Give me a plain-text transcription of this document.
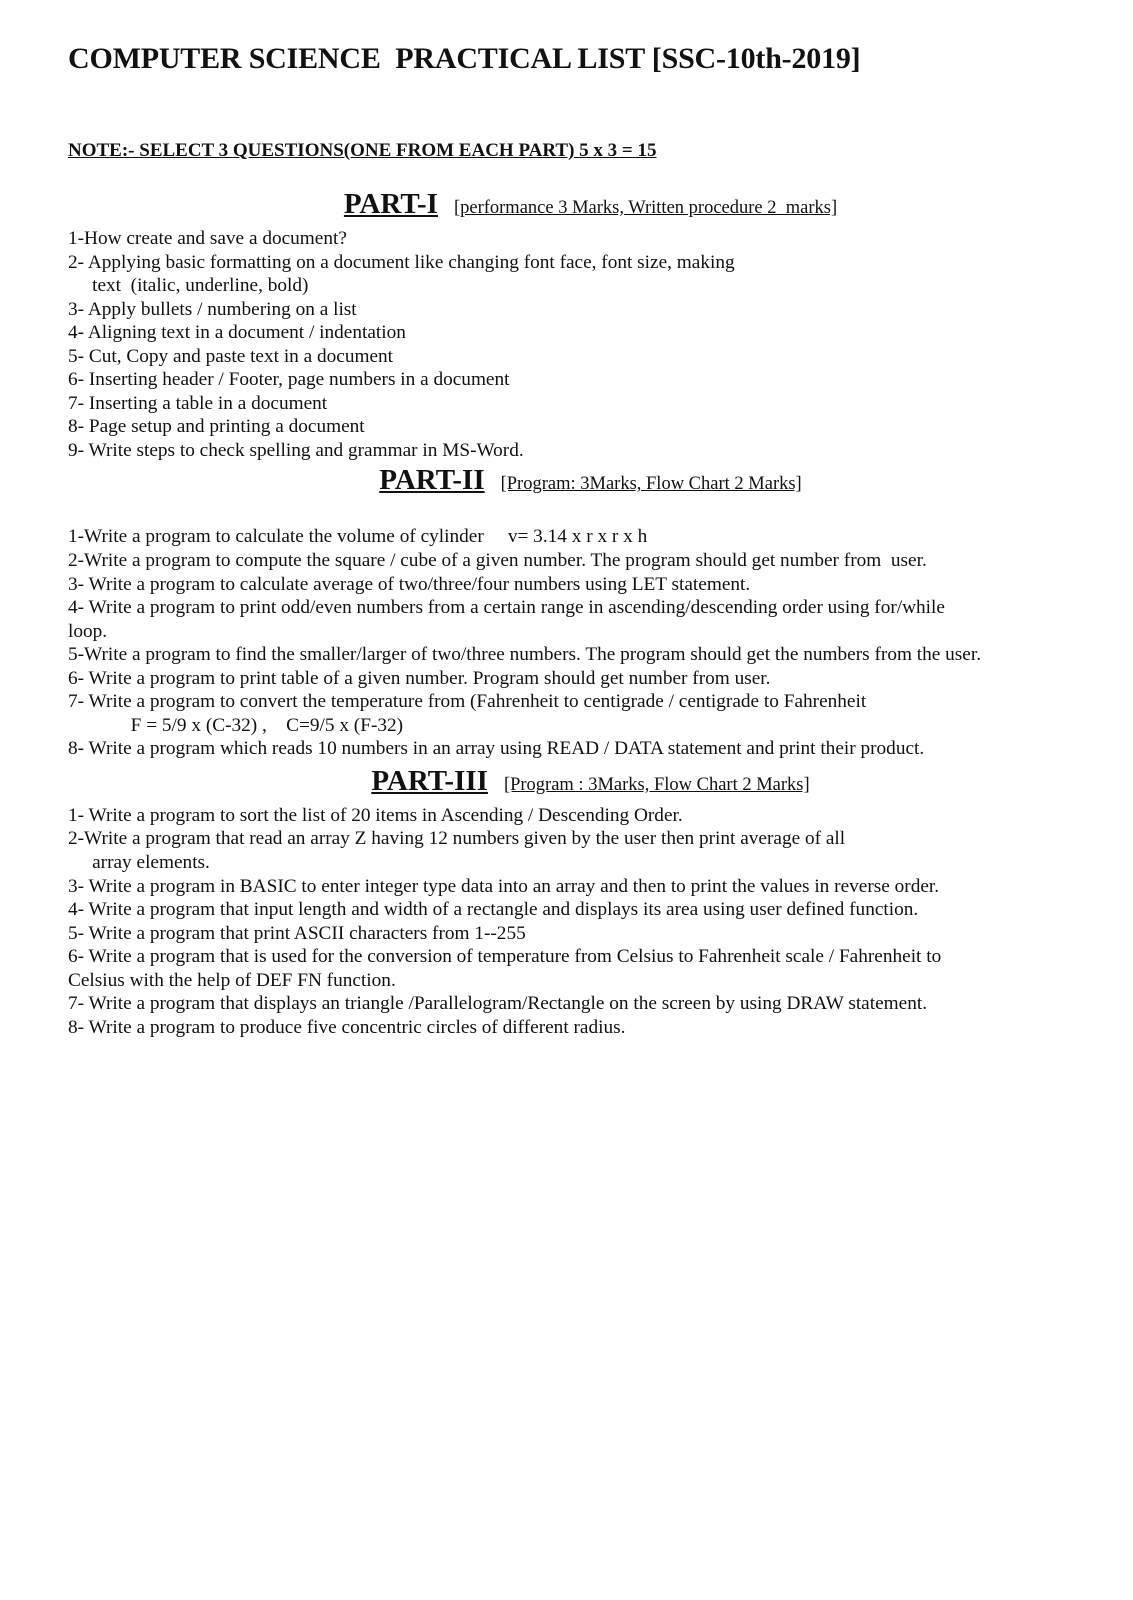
COMPUTER SCIENCE  PRACTICAL LIST [SSC-10th-2019]
NOTE:- SELECT 3 QUESTIONS(ONE FROM EACH PART) 5 x 3 = 15
PART-I [performance 3 Marks, Written procedure 2  marks]
1-How create and save a document?
2- Applying basic formatting on a document like changing font face, font size, making
text  (italic, underline, bold)
3- Apply bullets / numbering on a list
4- Aligning text in a document / indentation
5- Cut, Copy and paste text in a document
6- Inserting header / Footer, page numbers in a document
7- Inserting a table in a document
8- Page setup and printing a document
9- Write steps to check spelling and grammar in MS-Word.
PART-II [Program: 3Marks, Flow Chart 2 Marks]
1-Write a program to calculate the volume of cylinder     v= 3.14 x r x r x h
2-Write a program to compute the square / cube of a given number. The program should get number from  user.
3- Write a program to calculate average of two/three/four numbers using LET statement.
4- Write a program to print odd/even numbers from a certain range in ascending/descending order using for/while
loop.
5-Write a program to find the smaller/larger of two/three numbers. The program should get the numbers from the user.
6- Write a program to print table of a given number. Program should get number from user.
7- Write a program to convert the temperature from (Fahrenheit to centigrade / centigrade to Fahrenheit
F = 5/9 x (C-32) ,    C=9/5 x (F-32)
8- Write a program which reads 10 numbers in an array using READ / DATA statement and print their product.
PART-III [Program : 3Marks, Flow Chart 2 Marks]
1- Write a program to sort the list of 20 items in Ascending / Descending Order.
2-Write a program that read an array Z having 12 numbers given by the user then print average of all
array elements.
3- Write a program in BASIC to enter integer type data into an array and then to print the values in reverse order.
4- Write a program that input length and width of a rectangle and displays its area using user defined function.
5- Write a program that print ASCII characters from 1--255
6- Write a program that is used for the conversion of temperature from Celsius to Fahrenheit scale / Fahrenheit to
Celsius with the help of DEF FN function.
7- Write a program that displays an triangle /Parallelogram/Rectangle on the screen by using DRAW statement.
8- Write a program to produce five concentric circles of different radius.
